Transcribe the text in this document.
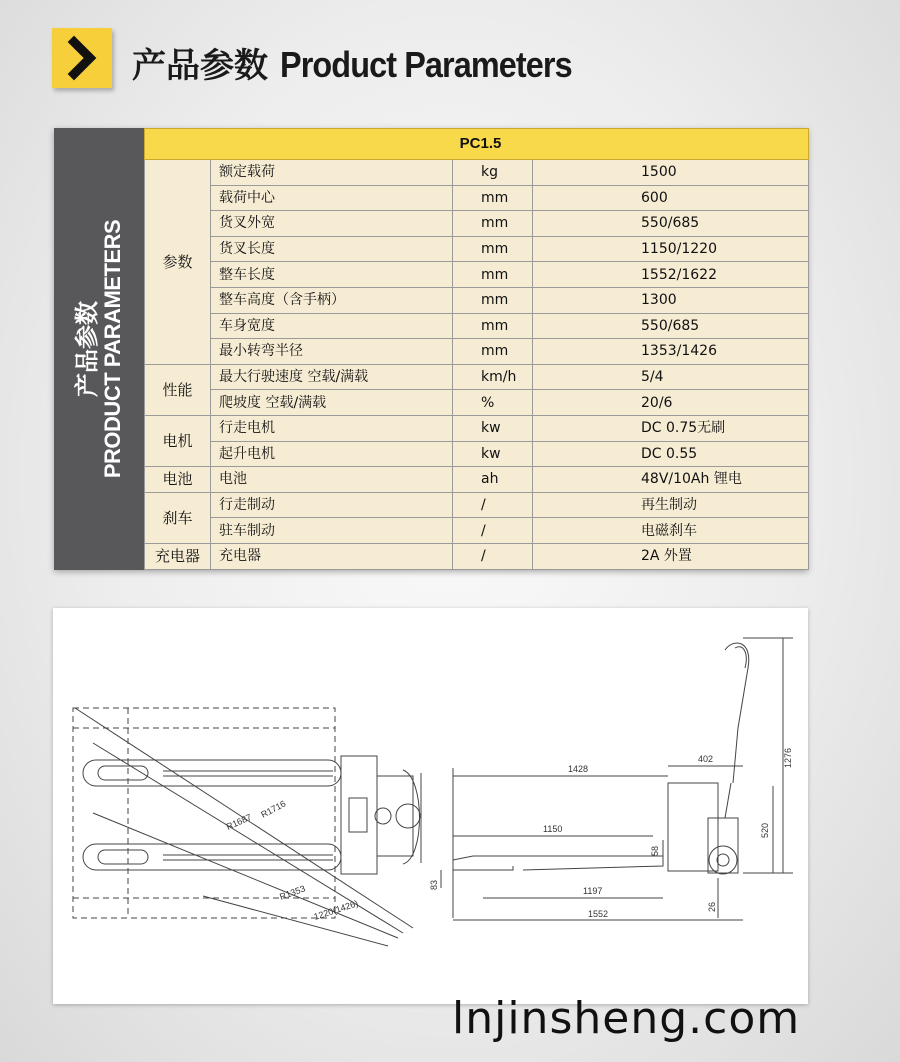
产品参数 Product Parameters
产品参数 PRODUCT PARAMETERS
PC1.5			
参数	额定载荷	kg	1500
	载荷中心	mm	600
	货叉外宽	mm	550/685
	货叉长度	mm	1150/1220
	整车长度	mm	1552/1622
	整车高度（含手柄）	mm	1300
	车身宽度	mm	550/685
	最小转弯半径	mm	1353/1426
性能	最大行驶速度 空载/满载	km/h	5/4
	爬坡度 空载/满载	%	20/6
电机	行走电机	kw	DC 0.75无刷
	起升电机	kw	DC 0.55
电池	电池	ah	48V/10Ah 锂电
刹车	行走制动	/	再生制动
	驻车制动	/	电磁刹车
充电器	充电器	/	2A 外置
R1716
R1687
R1353
1220(1426)
1428
402	1276
520
1150
58
83
1197
26
1552
lnjinsheng.com
